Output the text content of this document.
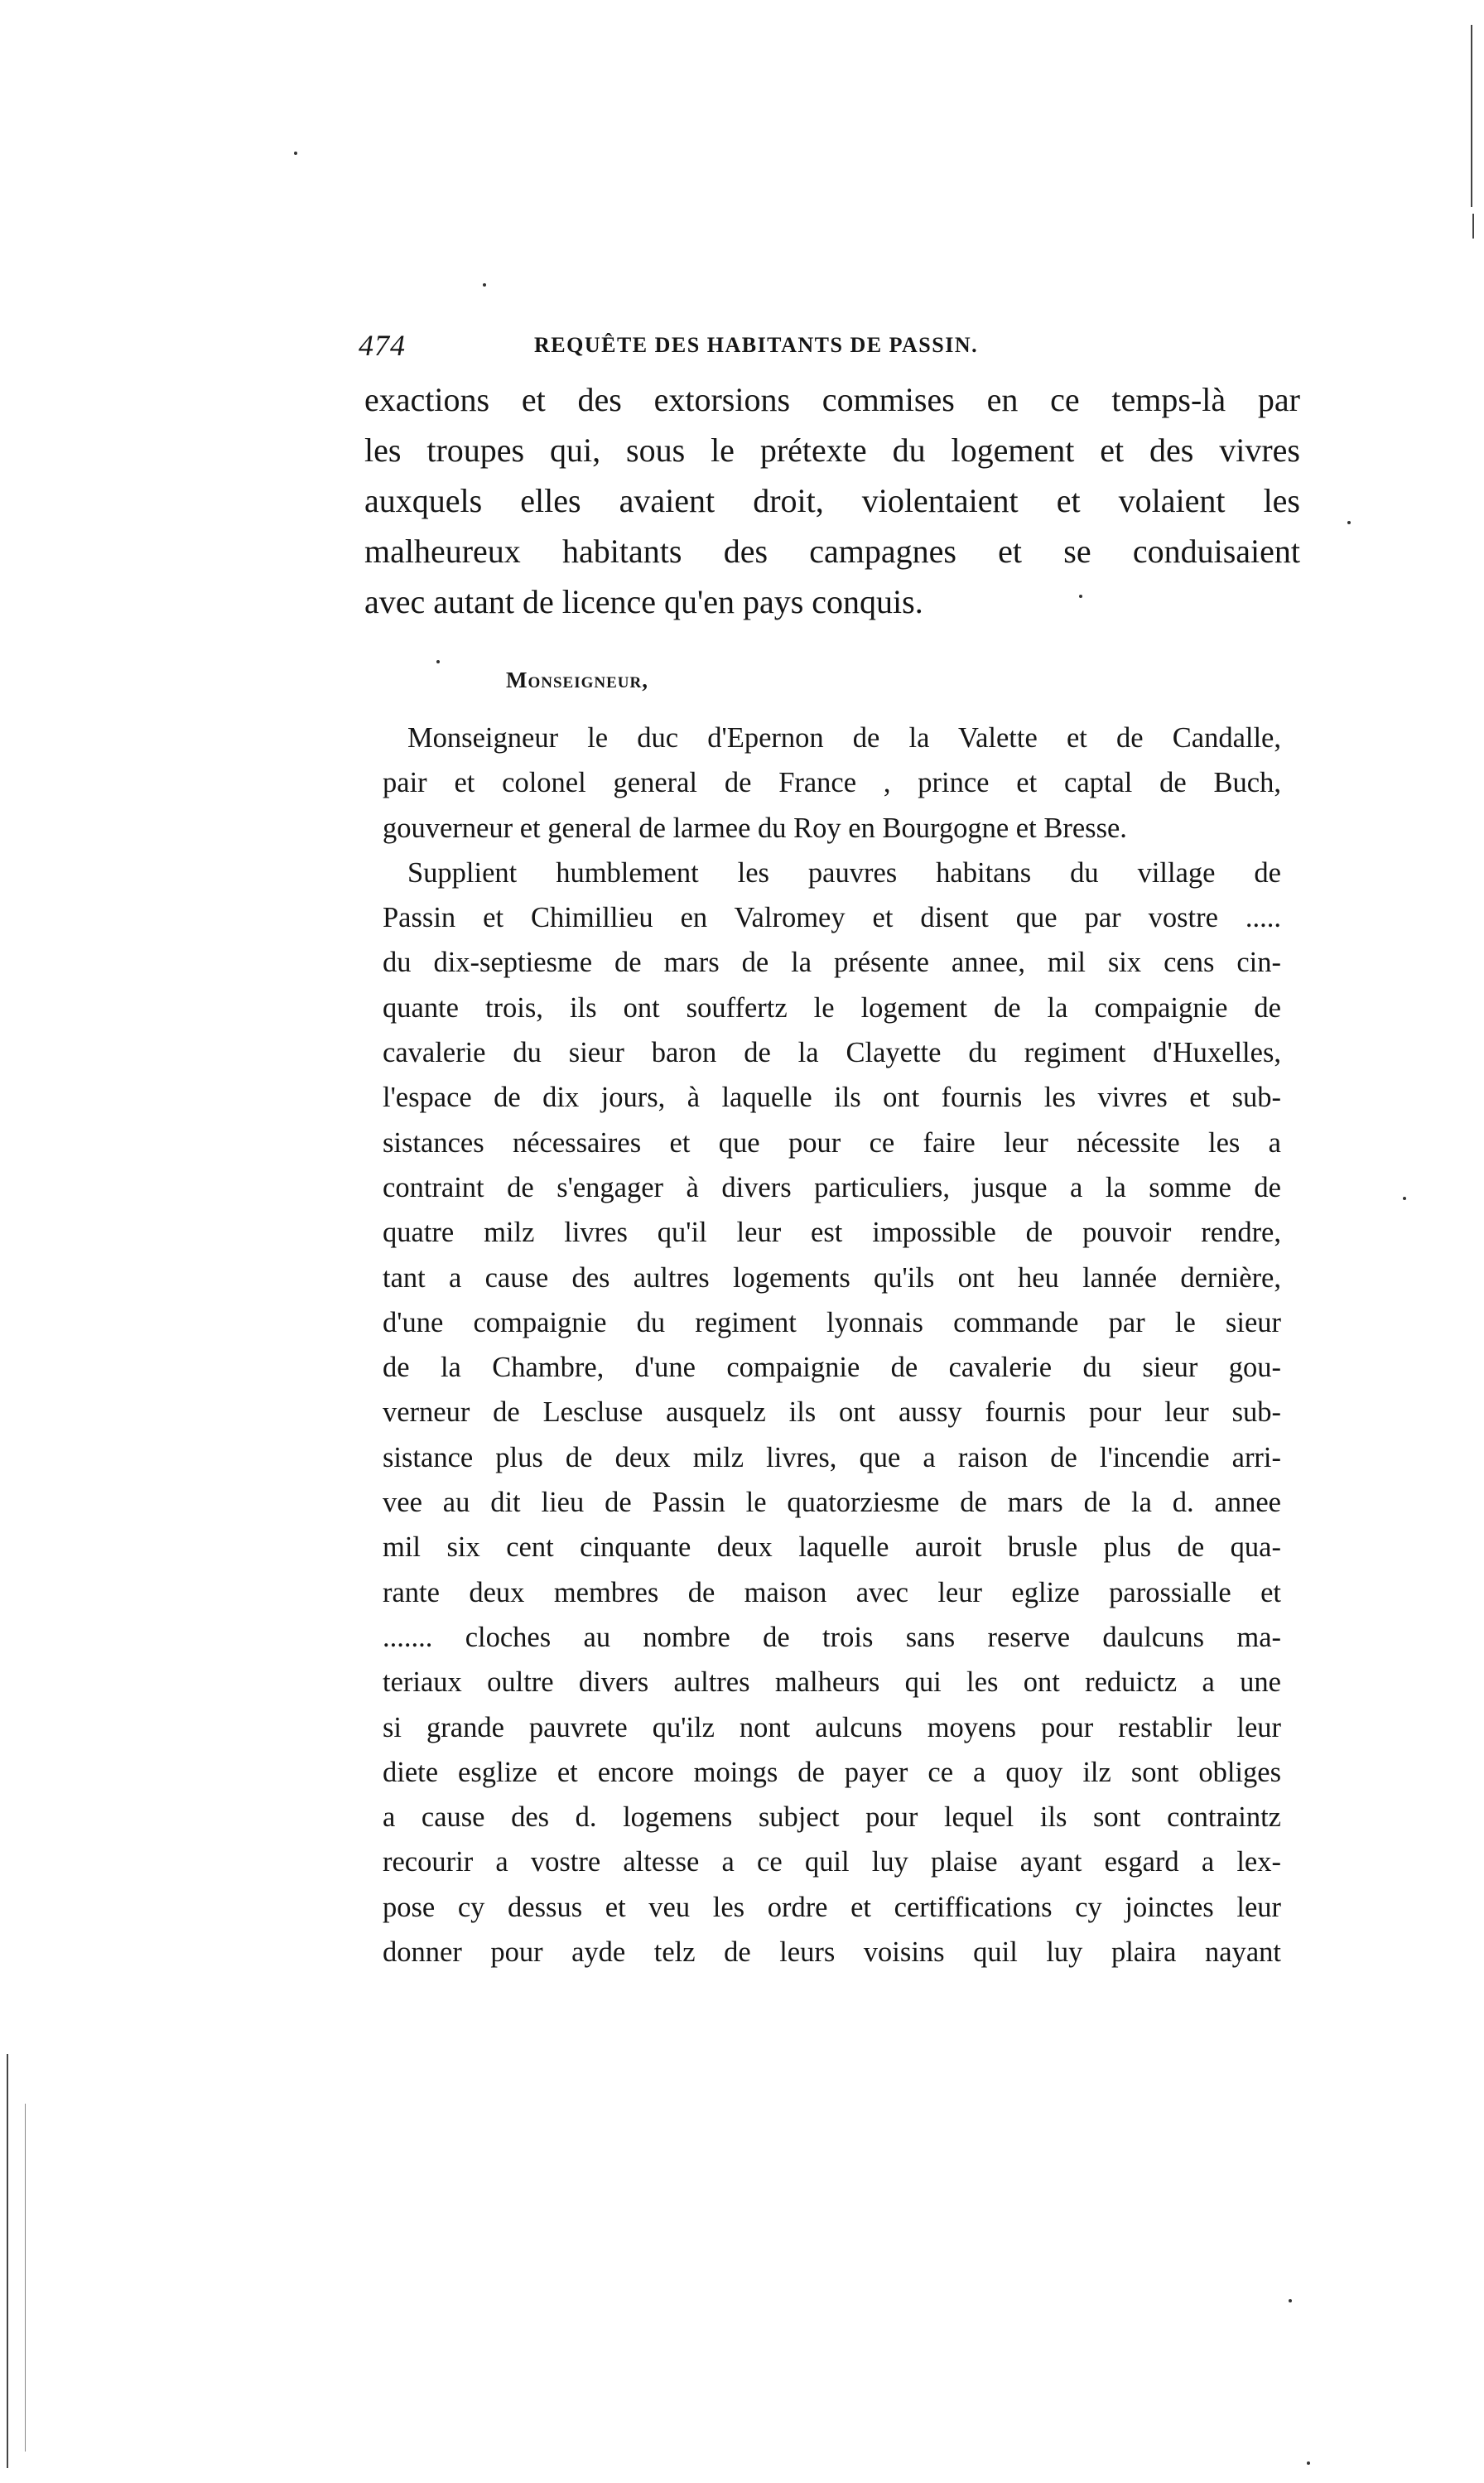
474	REQUÊTE DES HABITANTS DE PASSIN.
exactions et des extorsions commises en ce temps-là par
les troupes qui, sous le prétexte du logement et des vivres
auxquels elles avaient droit, violentaient et volaient les
malheureux habitants des campagnes et se conduisaient
avec autant de licence qu'en pays conquis.
Monseigneur,
Monseigneur le duc d'Epernon de la Valette et de Candalle,
pair et colonel general de France , prince et captal de Buch,
gouverneur et general de larmee du Roy en Bourgogne et Bresse.
Supplient humblement les pauvres habitans du village de
Passin et Chimillieu en Valromey et disent que par vostre .....
du dix-septiesme de mars de la présente annee, mil six cens cin-
quante trois, ils ont souffertz le logement de la compaignie de
cavalerie du sieur baron de la Clayette du regiment d'Huxelles,
l'espace de dix jours, à laquelle ils ont fournis les vivres et sub-
sistances nécessaires et que pour ce faire leur nécessite les a
contraint de s'engager à divers particuliers, jusque a la somme de
quatre milz livres qu'il leur est impossible de pouvoir rendre,
tant a cause des aultres logements qu'ils ont heu lannée dernière,
d'une compaignie du regiment lyonnais commande par le sieur
de la Chambre, d'une compaignie de cavalerie du sieur gou-
verneur de Lescluse ausquelz ils ont aussy fournis pour leur sub-
sistance plus de deux milz livres, que a raison de l'incendie arri-
vee au dit lieu de Passin le quatorziesme de mars de la d. annee
mil six cent cinquante deux laquelle auroit brusle plus de qua-
rante deux membres de maison avec leur eglize parossialle et
....... cloches au nombre de trois sans reserve daulcuns ma-
teriaux oultre divers aultres malheurs qui les ont reduictz a une
si grande pauvrete qu'ilz nont aulcuns moyens pour restablir leur
diete esglize et encore moings de payer ce a quoy ilz sont obliges
a cause des d. logemens subject pour lequel ils sont contraintz
recourir a vostre altesse a ce quil luy plaise ayant esgard a lex-
pose cy dessus et veu les ordre et certiffications cy joinctes leur
donner pour ayde telz de leurs voisins quil luy plaira nayant
